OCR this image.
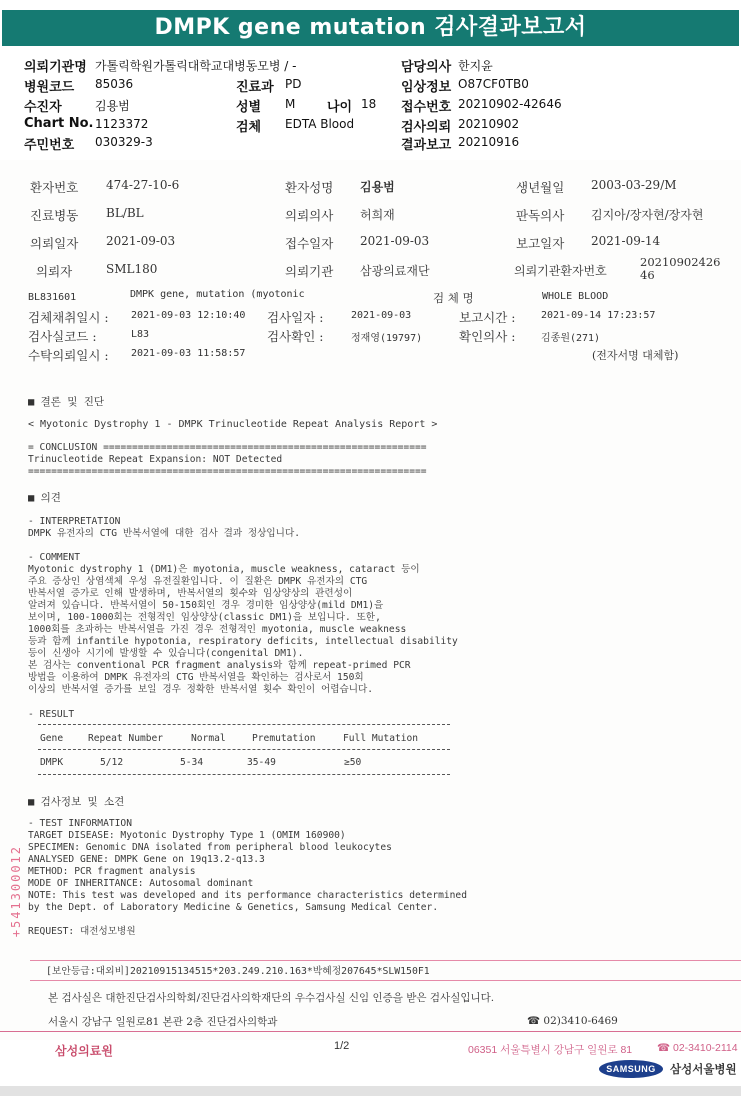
DMPK gene mutation 검사결과보고서
의뢰기관명 가톨릭학원가톨릭대학교대병동모병 / -	담당의사 한지윤
병원코드 85036	진료과 PD	임상정보 O87CF0TB0
수진자	김용범	성별 M 나이 18 접수번호 20210902-42646
Chart No. 1123372	검체 EDTA Blood	검사의뢰 20210902
주민번호 030329-3	결과보고 20210916
환자번호 474-27-10-6	환자성명 김용범	생년월일 2003-03-29/M
진료병동 BL/BL	의뢰의사 허희재	판독의사 김지아/장자현/장자현
의뢰일자 2021-09-03	접수일자 2021-09-03	보고일자 2021-09-14
의뢰자	SML180	의뢰기관 삼광의료재단	의뢰기관환자번호
2021090242646
BL831601	DMPK gene, mutation (myotonic	검 체 명	WHOLE BLOOD
검체채취일시 : 2021-09-03 12:10:40 검사일자 :	2021-09-03	보고시간 :	2021-09-14 17:23:57
검사실코드 :	L83	검사확인 :	정재영(19797)	확인의사 :	김종원(271)
수탁의뢰일시 : 2021-09-03 11:58:57	(전자서명 대체함)
■ 결론 및 진단
< Myotonic Dystrophy 1 - DMPK Trinucleotide Repeat Analysis Report >
= CONCLUSION ========================================================
Trinucleotide Repeat Expansion: NOT Detected
=====================================================================
■ 의견
- INTERPRETATION
DMPK 유전자의 CTG 반복서열에 대한 검사 결과 정상입니다.
- COMMENT
Myotonic dystrophy 1 (DM1)은 myotonia, muscle weakness, cataract 등이
주요 증상인 상염색체 우성 유전질환입니다. 이 질환은 DMPK 유전자의 CTG
반복서열 증가로 인해 발생하며, 반복서열의 횟수와 임상양상의 관련성이
알려져 있습니다. 반복서열이 50-150회인 경우 경미한 임상양상(mild DM1)을
보이며, 100-1000회는 전형적인 임상양상(classic DM1)을 보입니다. 또한,
1000회를 초과하는 반복서열을 가진 경우 전형적인 myotonia, muscle weakness
등과 함께 infantile hypotonia, respiratory deficits, intellectual disability
등이 신생아 시기에 발생할 수 있습니다(congenital DM1).
본 검사는 conventional PCR fragment analysis와 함께 repeat-primed PCR
방법을 이용하여 DMPK 유전자의 CTG 반복서열을 확인하는 검사로서 150회
이상의 반복서열 증가를 보일 경우 정확한 반복서열 횟수 확인이 어렵습니다.
- RESULT
Gene	Repeat Number	Normal	Premutation	Full Mutation
DMPK	5/12	5-34	35-49	≥50
■ 검사정보 및 소견
- TEST INFORMATION
TARGET DISEASE: Myotonic Dystrophy Type 1 (OMIM 160900)
SPECIMEN: Genomic DNA isolated from peripheral blood leukocytes
ANALYSED GENE: DMPK Gene on 19q13.2-q13.3
METHOD: PCR fragment analysis
MODE OF INHERITANCE: Autosomal dominant
NOTE: This test was developed and its performance characteristics determined
by the Dept. of Laboratory Medicine & Genetics, Samsung Medical Center.
REQUEST: 대전성모병원
+541300012
[보안등급:대외비]20210915134515*203.249.210.163*박혜정207645*SLW150F1
본 검사실은 대한진단검사의학회/진단검사의학재단의 우수검사실 신임 인증을 받은 검사실입니다.
서울시 강남구 일원로81 본관 2층 진단검사의학과	☎ 02)3410-6469
삼성의료원	1/2	06351 서울특별시 강남구 일원로 81 ☎ 02-3410-2114
SAMSUNG	삼성서울병원
